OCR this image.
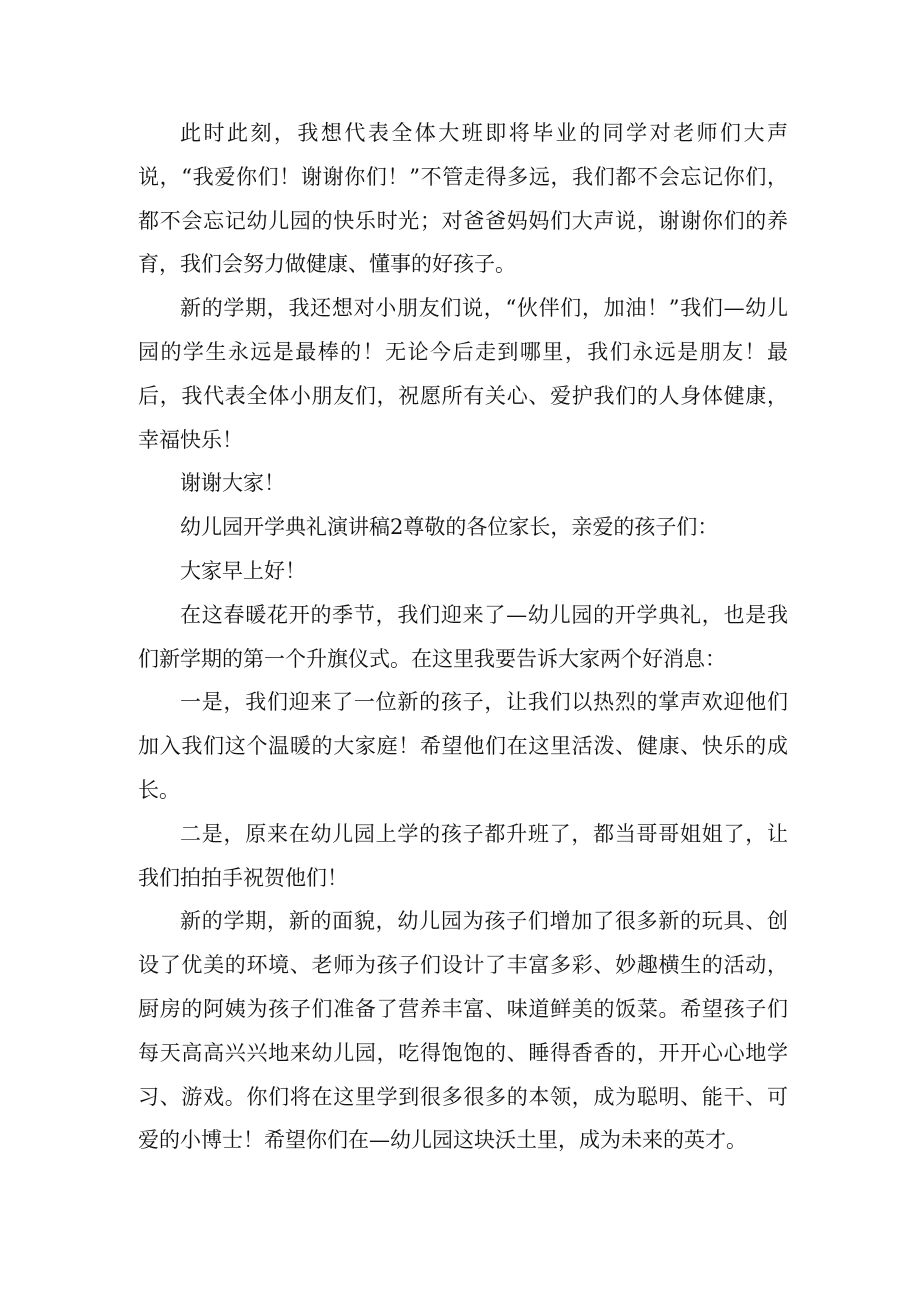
此时此刻，我想代表全体大班即将毕业的同学对老师们大声说，“我爱你们！谢谢你们！”不管走得多远，我们都不会忘记你们，都不会忘记幼儿园的快乐时光；对爸爸妈妈们大声说，谢谢你们的养育，我们会努力做健康、懂事的好孩子。

新的学期，我还想对小朋友们说，“伙伴们，加油！”我们—幼儿园的学生永远是最棒的！无论今后走到哪里，我们永远是朋友！最后，我代表全体小朋友们，祝愿所有关心、爱护我们的人身体健康，幸福快乐！

谢谢大家！

幼儿园开学典礼演讲稿2尊敬的各位家长，亲爱的孩子们：

大家早上好！

在这春暖花开的季节，我们迎来了—幼儿园的开学典礼，也是我们新学期的第一个升旗仪式。在这里我要告诉大家两个好消息：

一是，我们迎来了一位新的孩子，让我们以热烈的掌声欢迎他们加入我们这个温暖的大家庭！希望他们在这里活泼、健康、快乐的成长。

二是，原来在幼儿园上学的孩子都升班了，都当哥哥姐姐了，让我们拍拍手祝贺他们！

新的学期，新的面貌，幼儿园为孩子们增加了很多新的玩具、创设了优美的环境、老师为孩子们设计了丰富多彩、妙趣横生的活动，厨房的阿姨为孩子们准备了营养丰富、味道鲜美的饭菜。希望孩子们每天高高兴兴地来幼儿园，吃得饱饱的、睡得香香的，开开心心地学习、游戏。你们将在这里学到很多很多的本领，成为聪明、能干、可爱的小博士！希望你们在—幼儿园这块沃土里，成为未来的英才。
